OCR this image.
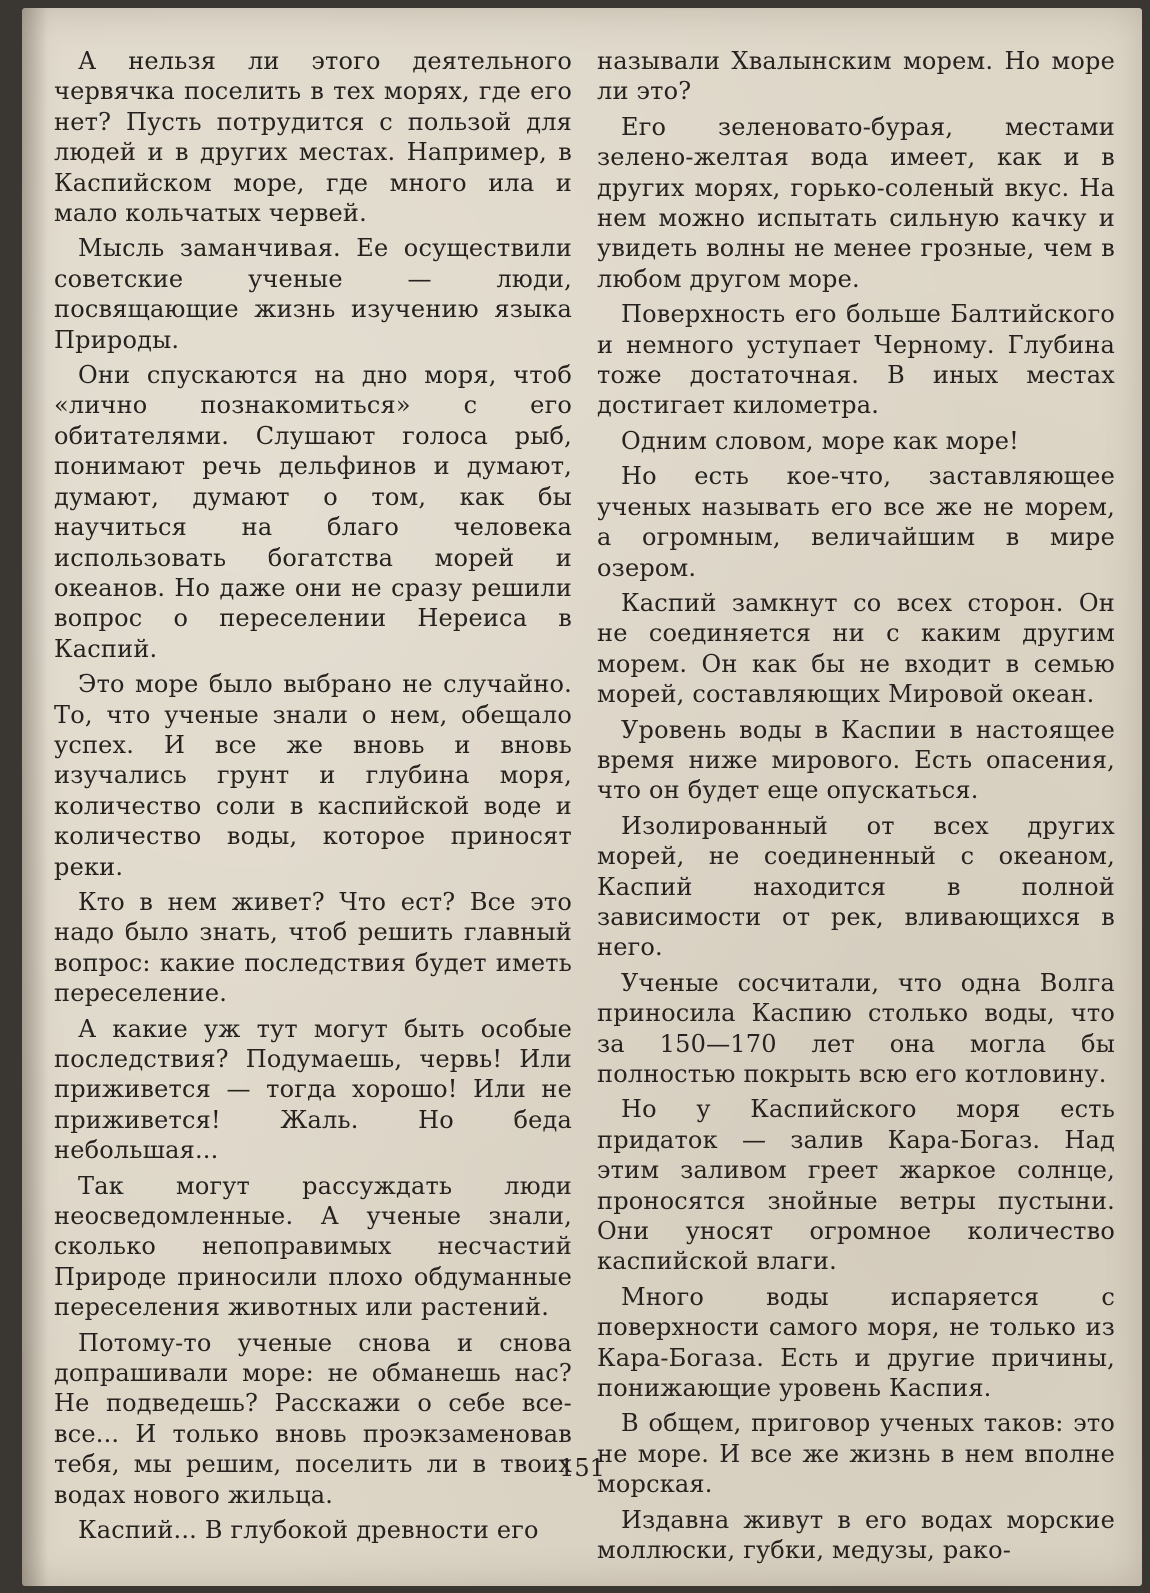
А нельзя ли этого деятельного червячка поселить в тех морях, где его нет? Пусть потрудится с пользой для людей и в других местах. Например, в Каспийском море, где много ила и мало кольчатых червей.

Мысль заманчивая. Ее осуществили советские ученые — люди, посвящающие жизнь изучению языка Природы.

Они спускаются на дно моря, чтоб «лично познакомиться» с его обитателями. Слушают голоса рыб, понимают речь дельфинов и думают, думают, думают о том, как бы научиться на благо человека использовать богатства морей и океанов. Но даже они не сразу решили вопрос о переселении Нереиса в Каспий.

Это море было выбрано не случайно. То, что ученые знали о нем, обещало успех. И все же вновь и вновь изучались грунт и глубина моря, количество соли в каспийской воде и количество воды, которое приносят реки.

Кто в нем живет? Что ест? Все это надо было знать, чтоб решить главный вопрос: какие последствия будет иметь переселение.

А какие уж тут могут быть особые последствия? Подумаешь, червь! Или приживется — тогда хорошо! Или не приживется! Жаль. Но беда небольшая...

Так могут рассуждать люди неосведомленные. А ученые знали, сколько непоправимых несчастий Природе приносили плохо обдуманные переселения животных или растений.

Потому-то ученые снова и снова допрашивали море: не обманешь нас? Не подведешь? Расскажи о себе все-все... И только вновь проэкзаменовав тебя, мы решим, поселить ли в твоих водах нового жильца.

Каспий... В глубокой древности его

называли Хвалынским морем. Но море ли это?

Его зеленовато-бурая, местами зелено-желтая вода имеет, как и в других морях, горько-соленый вкус. На нем можно испытать сильную качку и увидеть волны не менее грозные, чем в любом другом море.

Поверхность его больше Балтийского и немного уступает Черному. Глубина тоже достаточная. В иных местах достигает километра.

Одним словом, море как море!

Но есть кое-что, заставляющее ученых называть его все же не морем, а огромным, величайшим в мире озером.

Каспий замкнут со всех сторон. Он не соединяется ни с каким другим морем. Он как бы не входит в семью морей, составляющих Мировой океан.

Уровень воды в Каспии в настоящее время ниже мирового. Есть опасения, что он будет еще опускаться.

Изолированный от всех других морей, не соединенный с океаном, Каспий находится в полной зависимости от рек, вливающихся в него.

Ученые сосчитали, что одна Волга приносила Каспию столько воды, что за 150—170 лет она могла бы полностью покрыть всю его котловину.

Но у Каспийского моря есть придаток — залив Кара-Богаз. Над этим заливом греет жаркое солнце, проносятся знойные ветры пустыни. Они уносят огромное количество каспийской влаги.

Много воды испаряется с поверхности самого моря, не только из Кара-Богаза. Есть и другие причины, понижающие уровень Каспия.

В общем, приговор ученых таков: это не море. И все же жизнь в нем вполне морская.

Издавна живут в его водах морские моллюски, губки, медузы, рако-

151
